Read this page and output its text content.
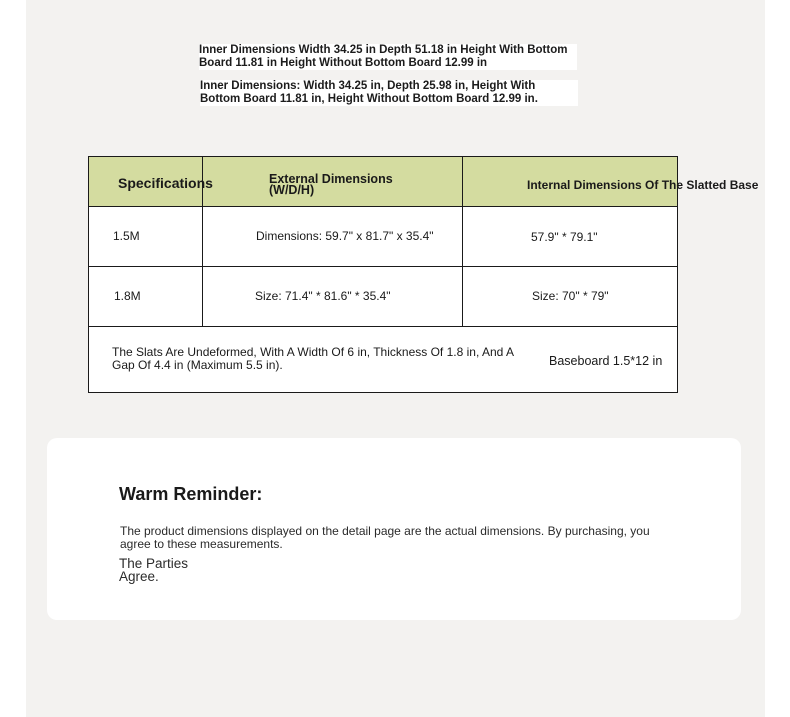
Inner Dimensions Width 34.25 in Depth 51.18 in Height With Bottom Board 11.81 in Height Without Bottom Board 12.99 in
Inner Dimensions: Width 34.25 in, Depth 25.98 in, Height With Bottom Board 11.81 in, Height Without Bottom Board 12.99 in.
Specifications	External Dimensions
(W/D/H)	Internal Dimensions Of The Slatted Base
1.5M	Dimensions: 59.7" x 81.7" x 35.4"	57.9" * 79.1"
1.8M	Size: 71.4" * 81.6" * 35.4"	Size: 70" * 79"
The Slats Are Undeformed, With A Width Of 6 in, Thickness Of 1.8 in, And A Gap Of 4.4 in (Maximum 5.5 in).	Baseboard 1.5*12 in
Warm Reminder:
The product dimensions displayed on the detail page are the actual dimensions. By purchasing, you agree to these measurements.
The Parties
Agree.
